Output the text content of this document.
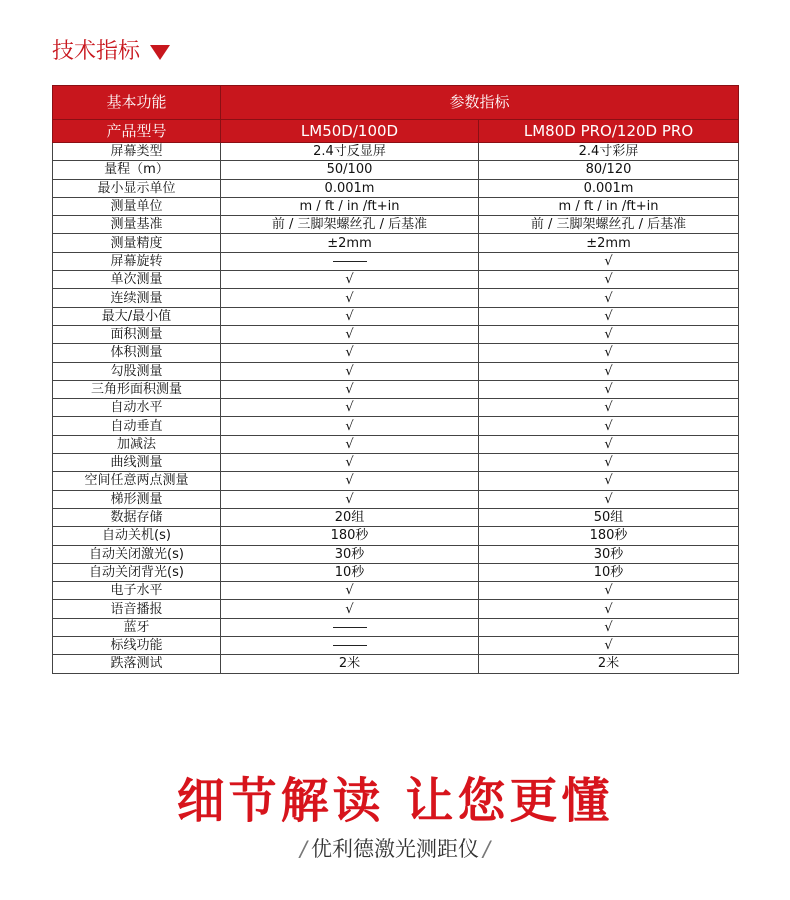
技术指标
基本功能	参数指标	
产品型号	LM50D/100D	LM80D PRO/120D PRO
屏幕类型	2.4寸反显屏	2.4寸彩屏
量程（m）	50/100	80/120
最小显示单位	0.001m	0.001m
测量单位	m / ft / in /ft+in	m / ft / in /ft+in
测量基准	前 / 三脚架螺丝孔 / 后基准	前 / 三脚架螺丝孔 / 后基准
测量精度	±2mm	±2mm
屏幕旋转		√
单次测量	√	√
连续测量	√	√
最大/最小值	√	√
面积测量	√	√
体积测量	√	√
勾股测量	√	√
三角形面积测量	√	√
自动水平	√	√
自动垂直	√	√
加减法	√	√
曲线测量	√	√
空间任意两点测量	√	√
梯形测量	√	√
数据存储	20组	50组
自动关机(s)	180秒	180秒
自动关闭激光(s)	30秒	30秒
自动关闭背光(s)	10秒	10秒
电子水平	√	√
语音播报	√	√
蓝牙		√
标线功能		√
跌落测试	2米	2米
细节解读 让您更懂
/ 优利德激光测距仪 /
